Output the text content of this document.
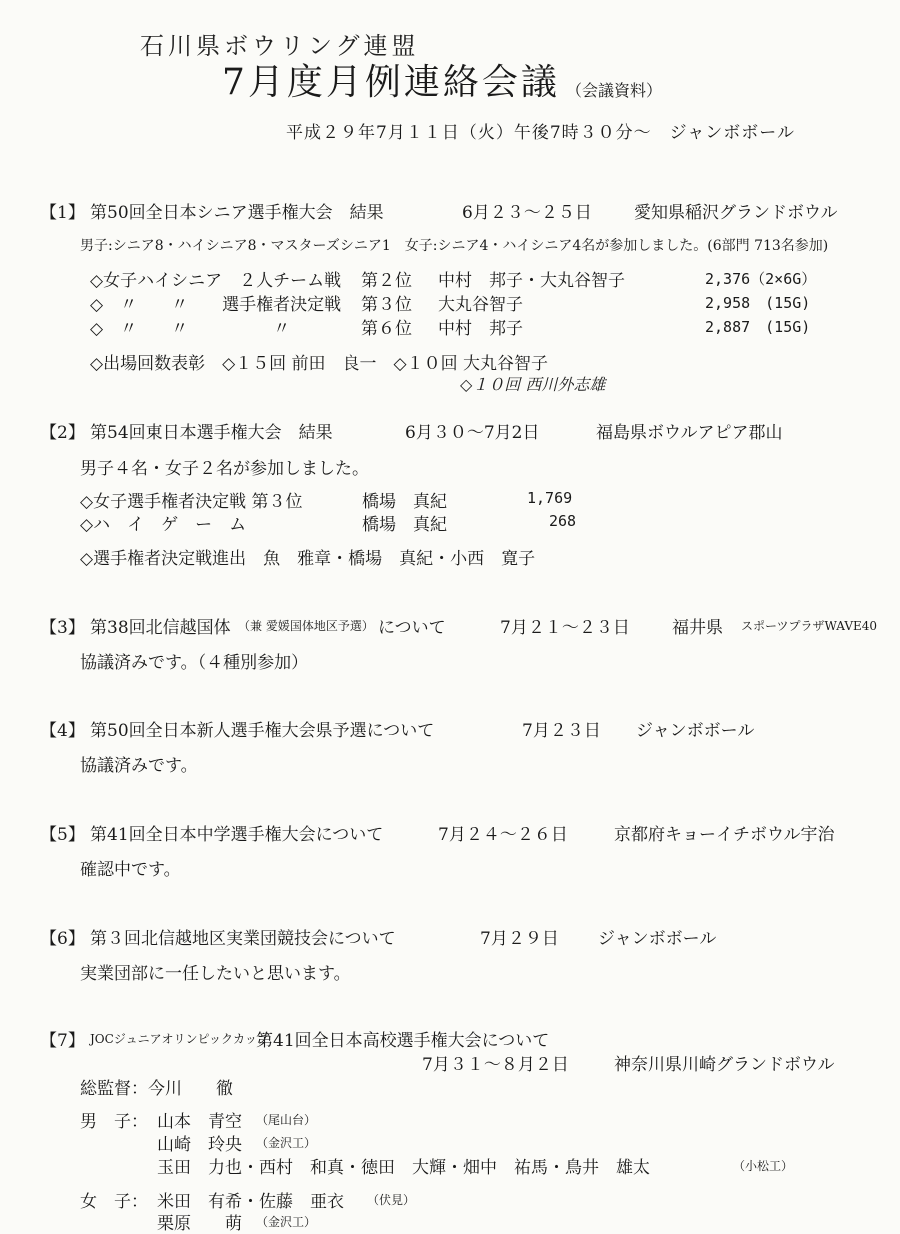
石川県ボウリング連盟
7月度月例連絡会議 （会議資料）
平成２９年7月１１日（火）午後7時３０分〜　ジャンボボール
【1】 第50回全日本シニア選手権大会　結果	6月２３〜２５日 愛知県稲沢グランドボウル
男子:シニア8・ハイシニア8・マスターズシニア1　女子:シニア4・ハイシニア4名が参加しました。(6部門 713名参加)
◇女子ハイシニア　２人チーム戦 第２位 中村　邦子・大丸谷智子	2,376（2×6G）
◇　〃　　〃　　選手権者決定戦 第３位 大丸谷智子	2,958　(15G)
◇　〃　　〃　　　　　〃	第６位 中村　邦子	2,887　(15G)
◇出場回数表彰　◇１５回 前田　良一　◇１０回 大丸谷智子
◇１０回 西川外志雄
【2】 第54回東日本選手権大会　結果	6月３０〜7月2日	福島県ボウルアピア郡山
男子４名・女子２名が参加しました。
◇女子選手権者決定戦 第３位	橋場　真紀	1,769
◇ハ　イ　ゲ　ー　ム	橋場　真紀	268
◇選手権者決定戦進出　魚　雅章・橋場　真紀・小西　寛子
【3】 第38回北信越国体 （兼 愛媛国体地区予選） について	7月２１〜２３日 福井県 スポーツプラザWAVE40
協議済みです。（４種別参加）
【4】 第50回全日本新人選手権大会県予選について	7月２３日 ジャンボボール
協議済みです。
【5】 第41回全日本中学選手権大会について	7月２４〜２６日	京都府キョーイチボウル宇治
確認中です。
【6】 第３回北信越地区実業団競技会について	7月２９日 ジャンボボール
実業団部に一任したいと思います。
【7】 JOCジュニアオリンピックカップ
第41回全日本高校選手権大会について
7月３１〜８月２日	神奈川県川崎グランドボウル
総監督：今川　　徹
男　子： 山本　青空 （尾山台）
山崎　玲央 （金沢工）
玉田　力也・西村　和真・徳田　大輝・畑中　祐馬・鳥井　雄太	（小松工）
女　子： 米田　有希・佐藤　亜衣 （伏見）
栗原　　萌 （金沢工）
